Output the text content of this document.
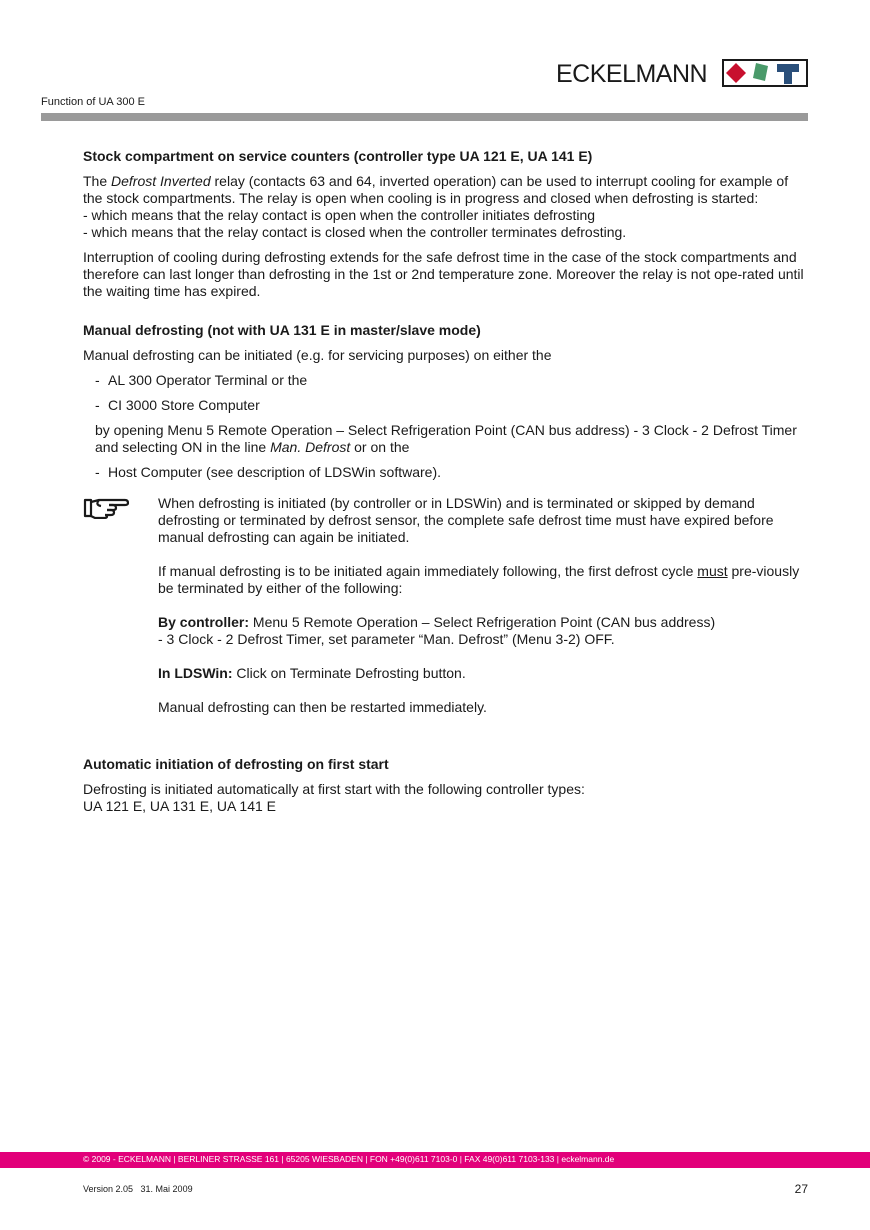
ECKELMANN
Function of UA 300 E
Stock compartment on service counters (controller type UA 121 E, UA 141 E)

The Defrost Inverted relay (contacts 63 and 64, inverted operation) can be used to interrupt cooling for example of the stock compartments. The relay is open when cooling is in progress and closed when defrosting is started:
- which means that the relay contact is open when the controller initiates defrosting
- which means that the relay contact is closed when the controller terminates defrosting.

Interruption of cooling during defrosting extends for the safe defrost time in the case of the stock compartments and therefore can last longer than defrosting in the 1st or 2nd temperature zone. Moreover the relay is not ope-rated until the waiting time has expired.

Manual defrosting (not with UA 131 E in master/slave mode)

Manual defrosting can be initiated (e.g. for servicing purposes) on either the

- AL 300 Operator Terminal or the
- CI 3000 Store Computer

by opening Menu 5 Remote Operation – Select Refrigeration Point (CAN bus address) - 3 Clock - 2 Defrost Timer and selecting ON in the line Man. Defrost or on the

- Host Computer (see description of LDSWin software).

When defrosting is initiated (by controller or in LDSWin) and is terminated or skipped by demand defrosting or terminated by defrost sensor, the complete safe defrost time must have expired before manual defrosting can again be initiated.

If manual defrosting is to be initiated again immediately following, the first defrost cycle must pre-viously be terminated by either of the following:

By controller: Menu 5 Remote Operation – Select Refrigeration Point (CAN bus address)
- 3 Clock - 2 Defrost Timer, set parameter “Man. Defrost” (Menu 3-2) OFF.

In LDSWin: Click on Terminate Defrosting button.

Manual defrosting can then be restarted immediately.

Automatic initiation of defrosting on first start

Defrosting is initiated automatically at first start with the following controller types:
UA 121 E, UA 131 E, UA 141 E

© 2009 - ECKELMANN | BERLINER STRASSE 161 | 65205 WIESBADEN | FON +49(0)611 7103-0 | FAX 49(0)611 7103-133 | eckelmann.de
Version 2.05   31. Mai 2009	27
